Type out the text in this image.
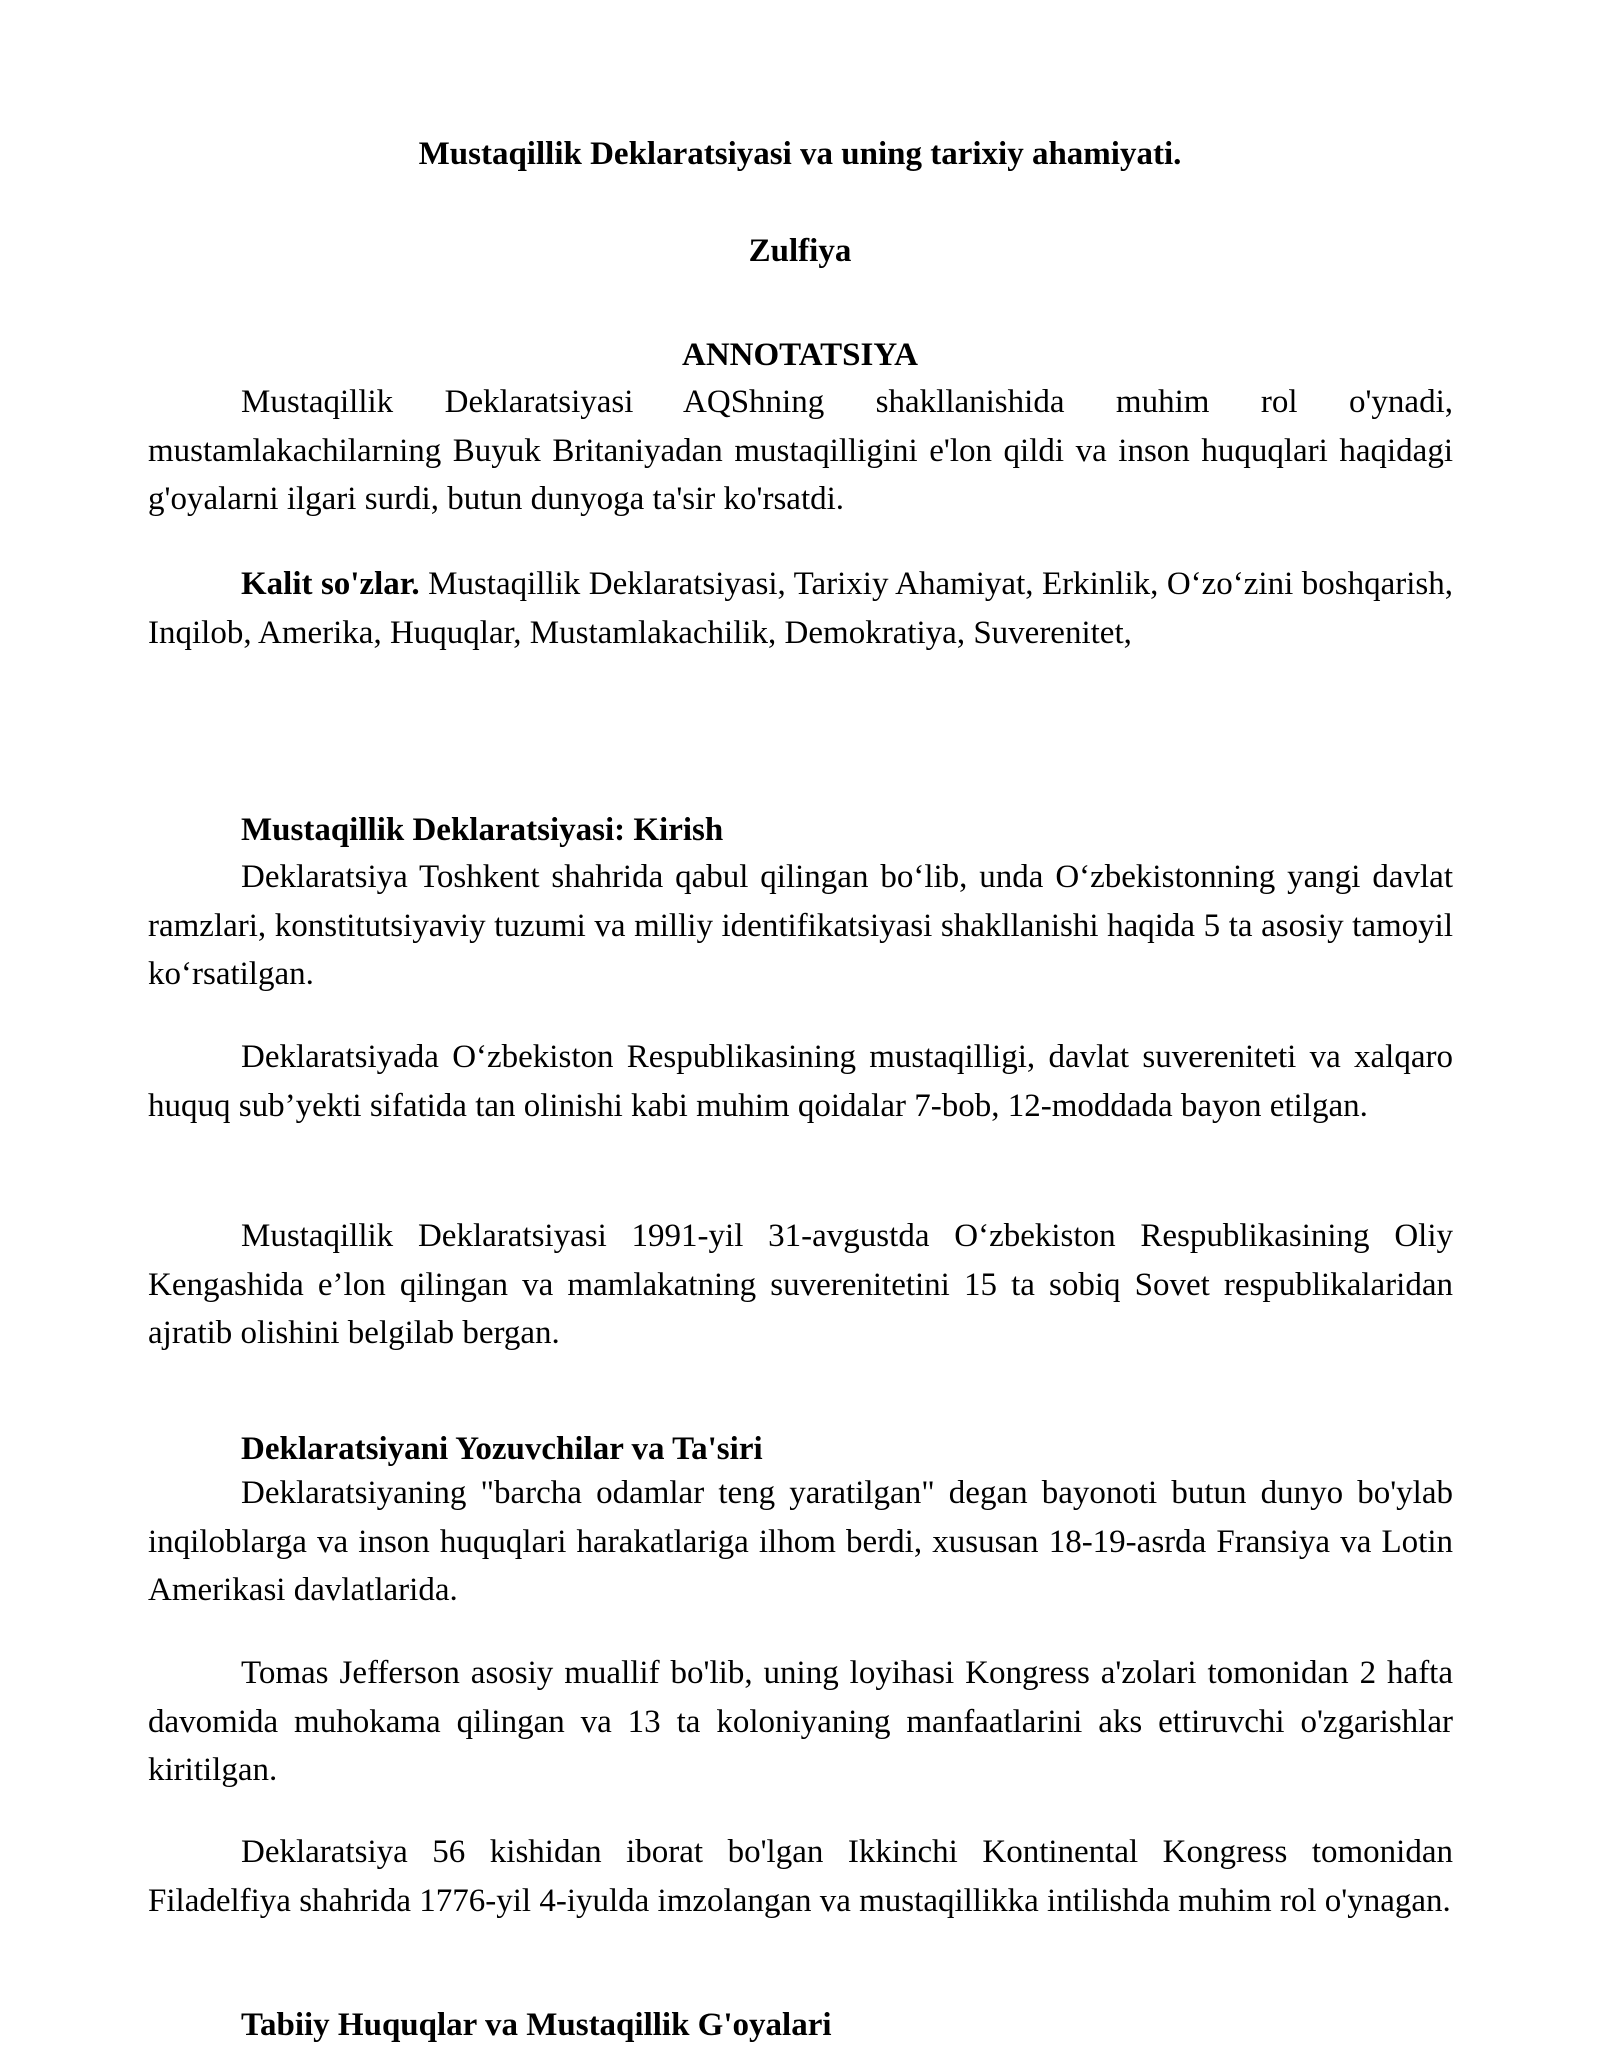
Mustaqillik Deklaratsiyasi va uning tarixiy ahamiyati.
Zulfiya
ANNOTATSIYA

Mustaqillik Deklaratsiyasi AQShning shakllanishida muhim rol o'ynadi, mustamlakachilarning Buyuk Britaniyadan mustaqilligini e'lon qildi va inson huquqlari haqidagi g'oyalarni ilgari surdi, butun dunyoga ta'sir ko'rsatdi.

Kalit so'zlar. Mustaqillik Deklaratsiyasi, Tarixiy Ahamiyat, Erkinlik, O‘zo‘zini boshqarish, Inqilob, Amerika, Huquqlar, Mustamlakachilik, Demokratiya, Suverenitet,

Mustaqillik Deklaratsiyasi: Kirish

Deklaratsiya Toshkent shahrida qabul qilingan bo‘lib, unda O‘zbekistonning yangi davlat ramzlari, konstitutsiyaviy tuzumi va milliy identifikatsiyasi shakllanishi haqida 5 ta asosiy tamoyil ko‘rsatilgan.

Deklaratsiyada O‘zbekiston Respublikasining mustaqilligi, davlat suvereniteti va xalqaro huquq sub’yekti sifatida tan olinishi kabi muhim qoidalar 7-bob, 12-moddada bayon etilgan.

Mustaqillik Deklaratsiyasi 1991-yil 31-avgustda O‘zbekiston Respublikasining Oliy Kengashida e’lon qilingan va mamlakatning suverenitetini 15 ta sobiq Sovet respublikalaridan ajratib olishini belgilab bergan.

Deklaratsiyani Yozuvchilar va Ta'siri

Deklaratsiyaning "barcha odamlar teng yaratilgan" degan bayonoti butun dunyo bo'ylab inqiloblarga va inson huquqlari harakatlariga ilhom berdi, xususan 18-19-asrda Fransiya va Lotin Amerikasi davlatlarida.

Tomas Jefferson asosiy muallif bo'lib, uning loyihasi Kongress a'zolari tomonidan 2 hafta davomida muhokama qilingan va 13 ta koloniyaning manfaatlarini aks ettiruvchi o'zgarishlar kiritilgan.

Deklaratsiya 56 kishidan iborat bo'lgan Ikkinchi Kontinental Kongress tomonidan Filadelfiya shahrida 1776-yil 4-iyulda imzolangan va mustaqillikka intilishda muhim rol o'ynagan.

Tabiiy Huquqlar va Mustaqillik G'oyalari
